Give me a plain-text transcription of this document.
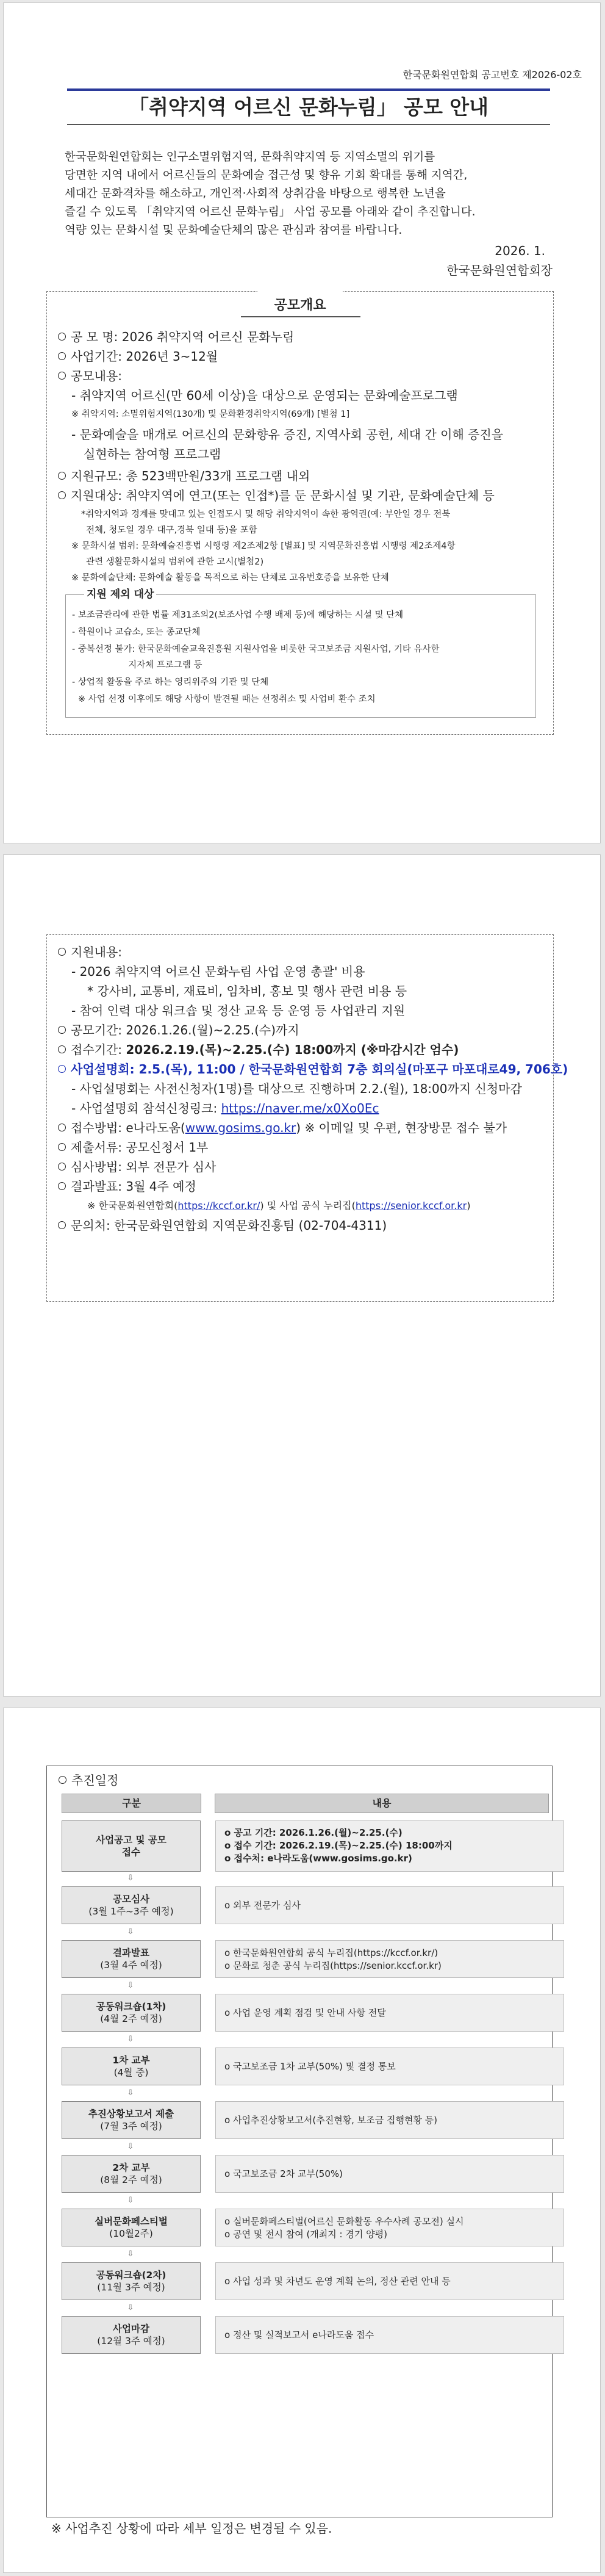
한국문화원연합회 공고번호 제2026-02호
「취약지역 어르신 문화누림」 공모 안내
한국문화원연합회는 인구소멸위험지역, 문화취약지역 등 지역소멸의 위기를
당면한 지역 내에서 어르신들의 문화예술 접근성 및 향유 기회 확대를 통해 지역간,
세대간 문화격차를 해소하고, 개인적·사회적 상취감을 바탕으로 행복한 노년을
즐길 수 있도록 「취약지역 어르신 문화누림」 사업 공모를 아래와 같이 추진합니다.
역량 있는 문화시설 및 문화예술단체의 많은 관심과 참여를 바랍니다.
2026. 1.
한국문화원연합회장
공모개요
공 모 명: 2026 취약지역 어르신 문화누림
사업기간: 2026년 3~12월
공모내용:
- 취약지역 어르신(만 60세 이상)을 대상으로 운영되는 문화예술프로그램
※ 취약지역: 소멸위험지역(130개) 및 문화환경취약지역(69개) [별첨 1]
- 문화예술을 매개로 어르신의 문화향유 증진, 지역사회 공헌, 세대 간 이해 증진을
실현하는 참여형 프로그램
지원규모: 총 523백만원/33개 프로그램 내외
지원대상: 취약지역에 연고(또는 인접*)를 둔 문화시설 및 기관, 문화예술단체 등
*취약지역과 경계를 맞대고 있는 인접도시 및 해당 취약지역이 속한 광역권(예: 부안일 경우 전북
전체, 청도일 경우 대구,경북 일대 등)을 포함
※ 문화시설 범위: 문화예술진흥법 시행령 제2조제2항 [별표] 및 지역문화진흥법 시행령 제2조제4항
관련 생활문화시설의 범위에 관한 고시(별첨2)
※ 문화예술단체: 문화예술 활동을 목적으로 하는 단체로 고유번호증을 보유한 단체
지원 제외 대상
- 보조금관리에 관한 법률 제31조의2(보조사업 수행 배제 등)에 해당하는 시설 및 단체
- 학원이나 교습소, 또는 종교단체
- 중복선정 불가: 한국문화예술교육진흥원 지원사업을 비롯한 국고보조금 지원사업, 기타 유사한
지자체 프로그램 등
- 상업적 활동을 주로 하는 영리위주의 기관 및 단체
※ 사업 선정 이후에도 해당 사항이 발견될 때는 선정취소 및 사업비 환수 조치
지원내용:
- 2026 취약지역 어르신 문화누림 사업 운영 총괄' 비용
* 강사비, 교통비, 재료비, 임차비, 홍보 및 행사 관련 비용 등
- 참여 인력 대상 워크숍 및 정산 교육 등 운영 등 사업관리 지원
공모기간: 2026.1.26.(월)~2.25.(수)까지
접수기간: 2026.2.19.(목)~2.25.(수) 18:00까지 (※마감시간 엄수)
사업설명회: 2.5.(목), 11:00 / 한국문화원연합회 7층 회의실(마포구 마포대로49, 706호)
- 사업설명회는 사전신청자(1명)를 대상으로 진행하며 2.2.(월), 18:00까지 신청마감
- 사업설명회 참석신청링크: https://naver.me/x0Xo0Ec
접수방법: e나라도움(www.gosims.go.kr) ※ 이메일 및 우편, 현장방문 접수 불가
제출서류: 공모신청서 1부
심사방법: 외부 전문가 심사
결과발표: 3월 4주 예정
※ 한국문화원연합회(https://kccf.or.kr/) 및 사업 공식 누리집(https://senior.kccf.or.kr)
문의처: 한국문화원연합회 지역문화진흥팀 (02-704-4311)
추진일정
구분	내용
사업공고 및 공모접수
o 공고 기간: 2026.1.26.(월)~2.25.(수)
o 접수 기간: 2026.2.19.(목)~2.25.(수) 18:00까지
o 접수처: e나라도움(www.gosims.go.kr)
⇩
공모심사
(3월 1주~3주 예정)
o 외부 전문가 심사
⇩
결과발표
(3월 4주 예정)
o 한국문화원연합회 공식 누리집(https://kccf.or.kr/)
o 문화로 청춘 공식 누리집(https://senior.kccf.or.kr)
⇩
공동워크숍(1차)
(4월 2주 예정)
o 사업 운영 계획 점검 및 안내 사항 전달
⇩
1차 교부
(4월 중)
o 국고보조금 1차 교부(50%) 및 결정 통보
⇩
추진상황보고서 제출
(7월 3주 예정)
o 사업추진상황보고서(추진현황, 보조금 집행현황 등)
⇩
2차 교부
(8월 2주 예정)
o 국고보조금 2차 교부(50%)
⇩
실버문화페스티벌
(10월2주)
o 실버문화페스티벌(어르신 문화활동 우수사례 공모전) 실시
o 공연 및 전시 참여 (개최지 : 경기 양평)
⇩
공동워크숍(2차)
(11월 3주 예정)
o 사업 성과 및 차년도 운영 계획 논의, 정산 관련 안내 등
⇩
사업마감
(12월 3주 예정)
o 정산 및 실적보고서 e나라도움 접수
※ 사업추진 상황에 따라 세부 일정은 변경될 수 있음.
